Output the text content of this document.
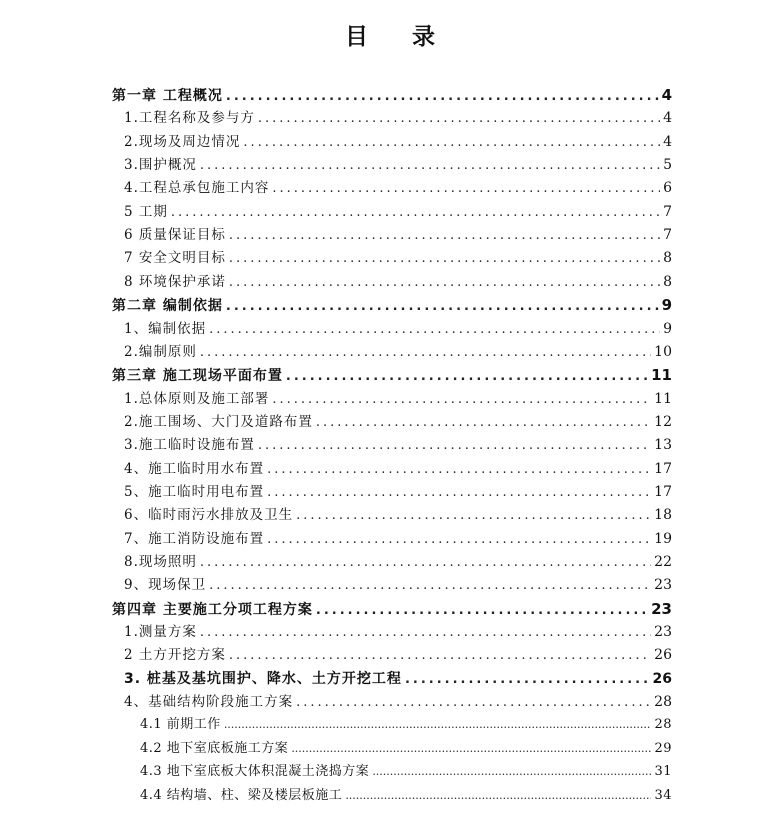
目 录
第一章 工程概况 .....	4
1.工程名称及参与方 .....	4
2.现场及周边情况 .....	4
3.围护概况 .....	5
4.工程总承包施工内容 .....	6
5 工期 .....	7
6 质量保证目标 .....	7
7 安全文明目标 .....	8
8 环境保护承诺 .....	8
第二章 编制依据 .....	9
1、编制依据 .....	9
2.编制原则 .....	10
第三章 施工现场平面布置 .....	11
1.总体原则及施工部署 .....	11
2.施工围场、大门及道路布置 .....	12
3.施工临时设施布置 .....	13
4、施工临时用水布置 .....	17
5、施工临时用电布置 .....	17
6、临时雨污水排放及卫生 .....	18
7、施工消防设施布置 .....	19
8.现场照明 .....	22
9、现场保卫 .....	23
第四章 主要施工分项工程方案 .....	23
1.测量方案 .....	23
2 土方开挖方案 .....	26
3. 桩基及基坑围护、降水、土方开挖工程 .....	26
4、基础结构阶段施工方案 .....	28
4.1 前期工作 .....	28
4.2 地下室底板施工方案 .....	29
4.3 地下室底板大体积混凝土浇捣方案 .....	31
4.4 结构墙、柱、梁及楼层板施工 .....	34
